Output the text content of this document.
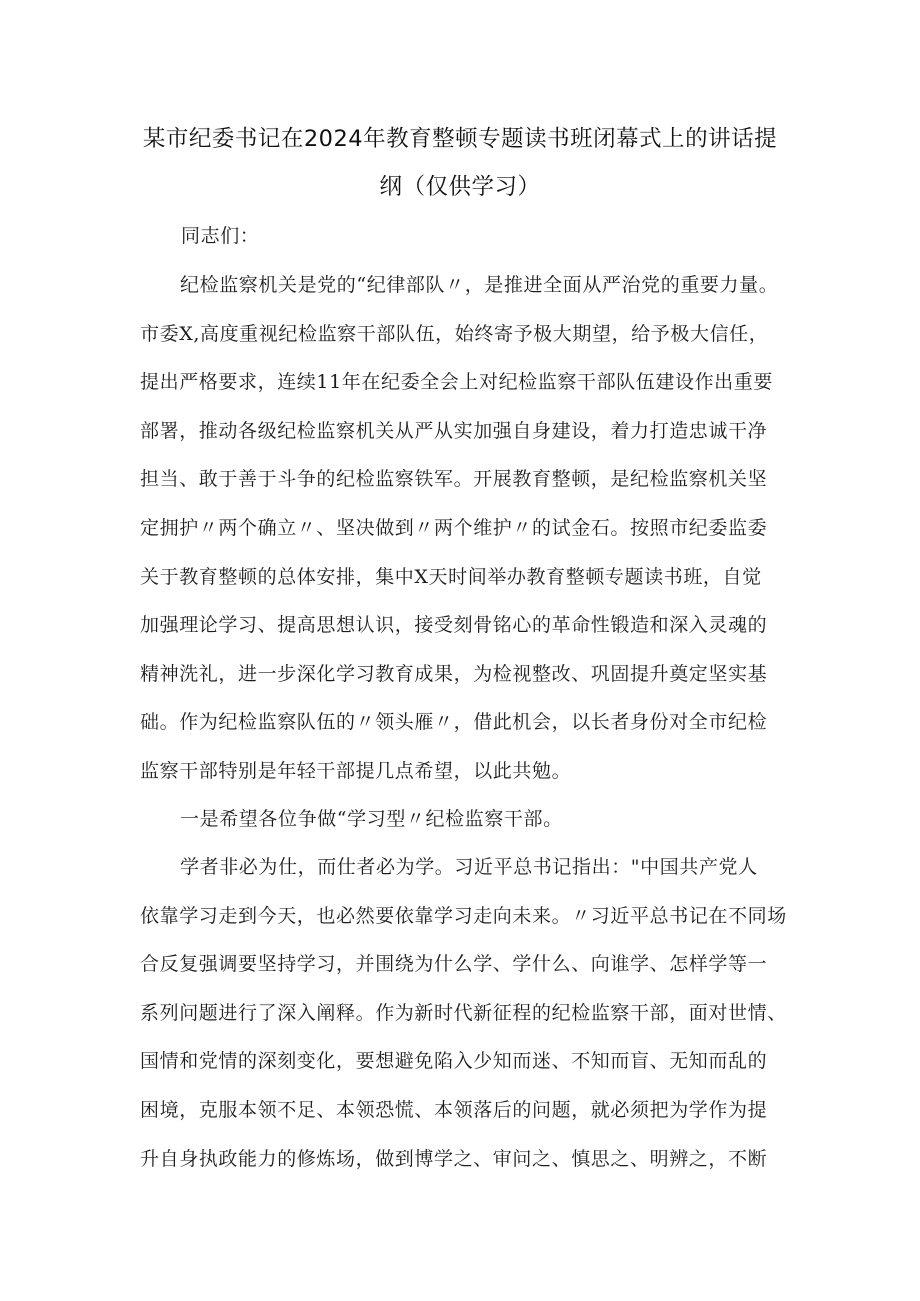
某市纪委书记在2024年教育整顿专题读书班闭幕式上的讲话提
纲（仅供学习）

同志们：

纪检监察机关是党的“纪律部队〃，是推进全面从严治党的重要力量。
市委X,高度重视纪检监察干部队伍，始终寄予极大期望，给予极大信任，
提出严格要求，连续11年在纪委全会上对纪检监察干部队伍建设作出重要
部署，推动各级纪检监察机关从严从实加强自身建设，着力打造忠诚干净
担当、敢于善于斗争的纪检监察铁军。开展教育整顿，是纪检监察机关坚
定拥护〃两个确立〃、坚决做到〃两个维护〃的试金石。按照市纪委监委
关于教育整顿的总体安排，集中X天时间举办教育整顿专题读书班，自觉
加强理论学习、提高思想认识，接受刻骨铭心的革命性锻造和深入灵魂的
精神洗礼，进一步深化学习教育成果，为检视整改、巩固提升奠定坚实基
础。作为纪检监察队伍的〃领头雁〃，借此机会，以长者身份对全市纪检
监察干部特别是年轻干部提几点希望，以此共勉。
一是希望各位争做“学习型〃纪检监察干部。
学者非必为仕，而仕者必为学。习近平总书记指出："中国共产党人
依靠学习走到今天，也必然要依靠学习走向未来。〃习近平总书记在不同场
合反复强调要坚持学习，并围绕为什么学、学什么、向谁学、怎样学等一
系列问题进行了深入阐释。作为新时代新征程的纪检监察干部，面对世情、
国情和党情的深刻变化，要想避免陷入少知而迷、不知而盲、无知而乱的
困境，克服本领不足、本领恐慌、本领落后的问题，就必须把为学作为提
升自身执政能力的修炼场，做到博学之、审问之、慎思之、明辨之，不断
